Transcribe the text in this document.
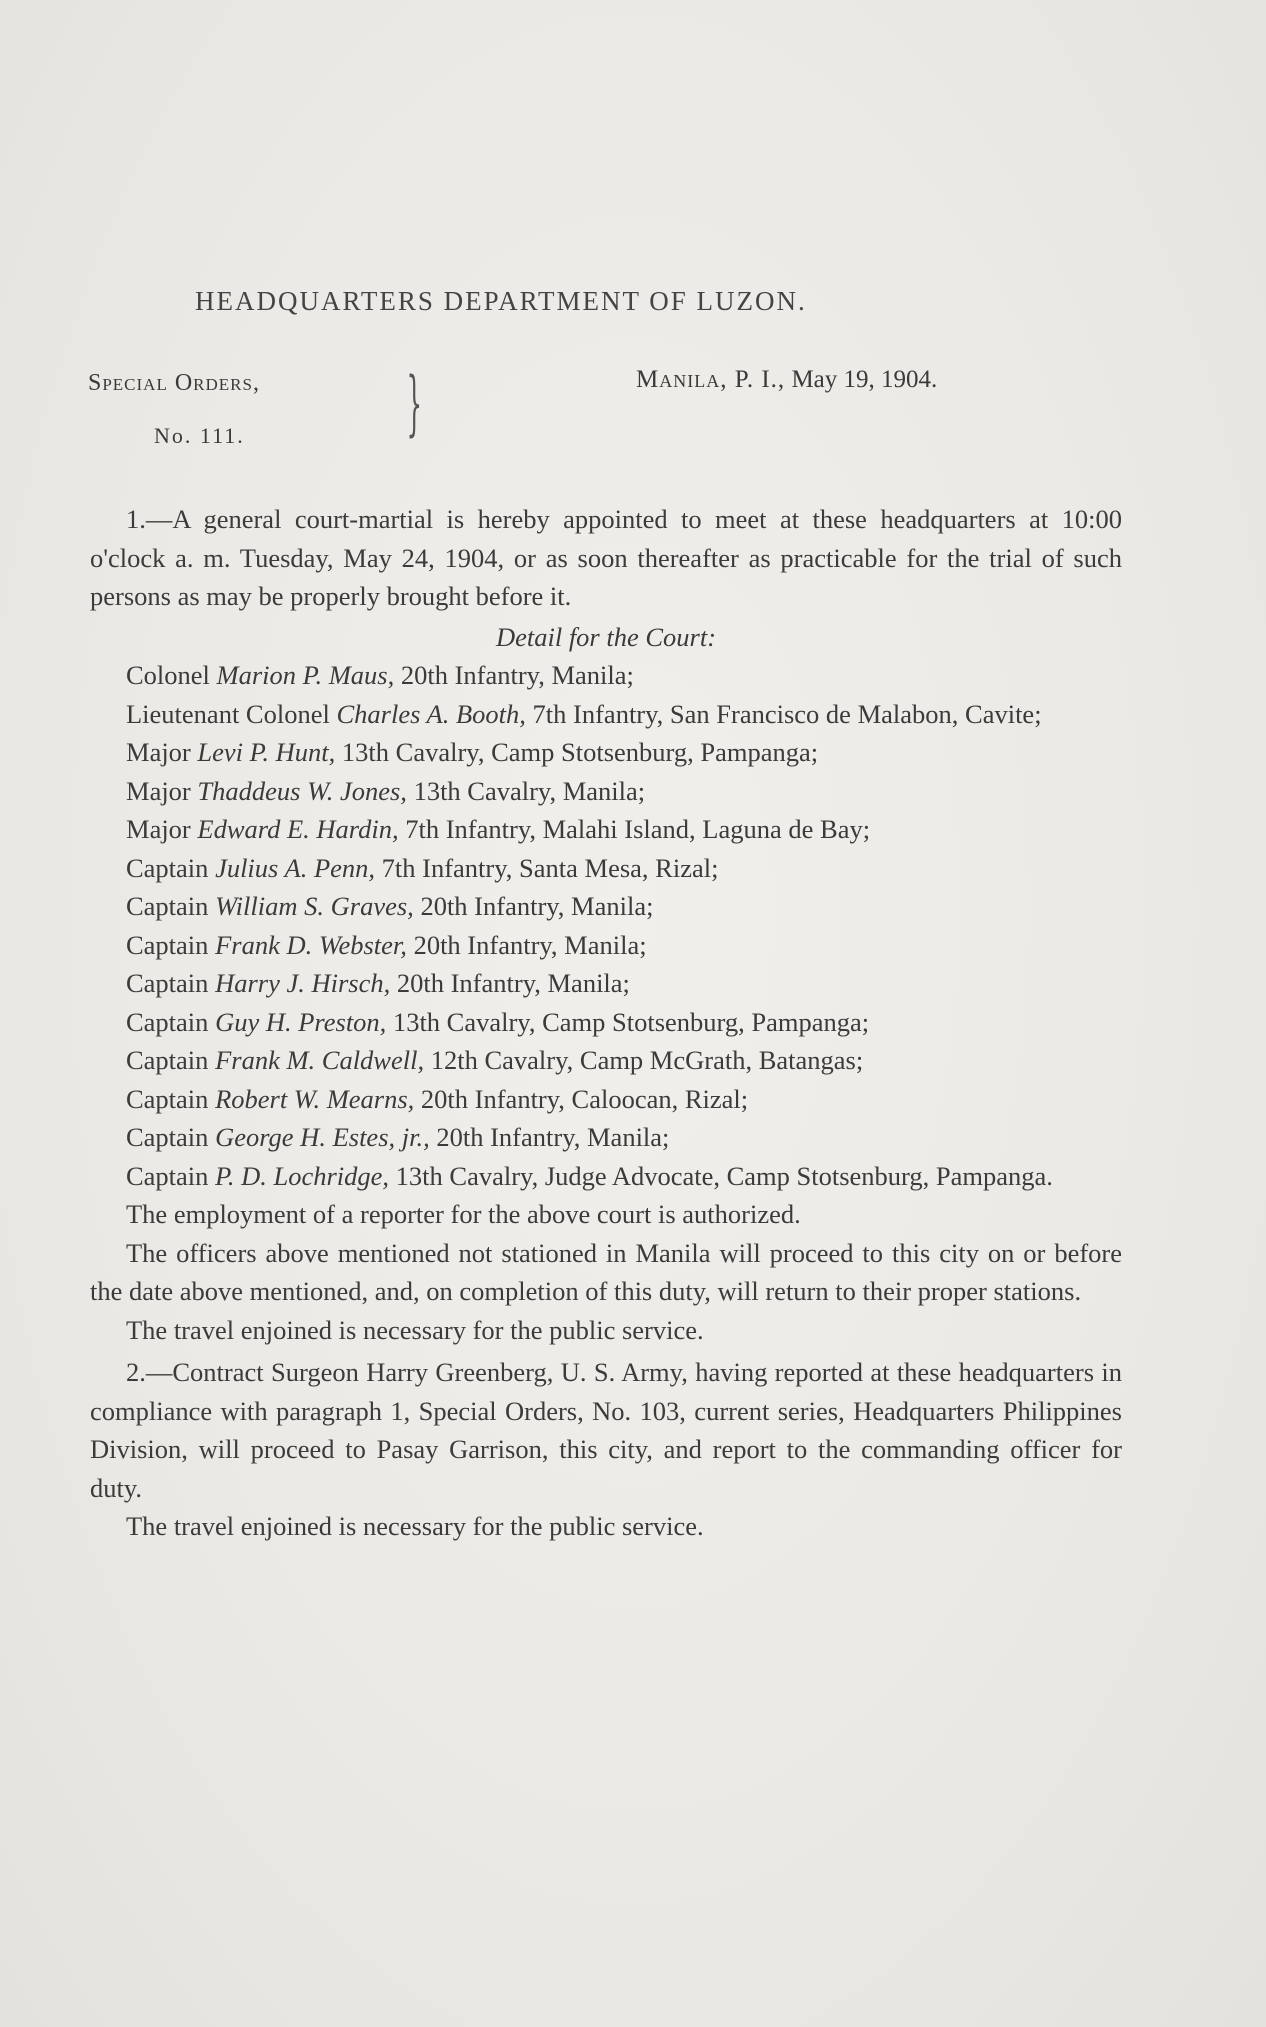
HEADQUARTERS DEPARTMENT OF LUZON.
Special Orders,
No. 111.	}	Manila, P. I., May 19, 1904.

1.—A general court-martial is hereby appointed to meet at these headquarters at 10:00 o'clock a. m. Tuesday, May 24, 1904, or as soon thereafter as practicable for the trial of such persons as may be properly brought before it.

Detail for the Court:

Colonel Marion P. Maus, 20th Infantry, Manila;

Lieutenant Colonel Charles A. Booth, 7th Infantry, San Francisco de Malabon, Cavite;

Major Levi P. Hunt, 13th Cavalry, Camp Stotsenburg, Pampanga;

Major Thaddeus W. Jones, 13th Cavalry, Manila;

Major Edward E. Hardin, 7th Infantry, Malahi Island, Laguna de Bay;

Captain Julius A. Penn, 7th Infantry, Santa Mesa, Rizal;

Captain William S. Graves, 20th Infantry, Manila;

Captain Frank D. Webster, 20th Infantry, Manila;

Captain Harry J. Hirsch, 20th Infantry, Manila;

Captain Guy H. Preston, 13th Cavalry, Camp Stotsenburg, Pampanga;

Captain Frank M. Caldwell, 12th Cavalry, Camp McGrath, Batangas;

Captain Robert W. Mearns, 20th Infantry, Caloocan, Rizal;

Captain George H. Estes, jr., 20th Infantry, Manila;

Captain P. D. Lochridge, 13th Cavalry, Judge Advocate, Camp Stotsenburg, Pampanga.

The employment of a reporter for the above court is authorized.

The officers above mentioned not stationed in Manila will proceed to this city on or before the date above mentioned, and, on completion of this duty, will return to their proper stations.

The travel enjoined is necessary for the public service.

2.—Contract Surgeon Harry Greenberg, U. S. Army, having reported at these headquarters in compliance with paragraph 1, Special Orders, No. 103, current series, Headquarters Philippines Division, will proceed to Pasay Garrison, this city, and report to the commanding officer for duty.

The travel enjoined is necessary for the public service.
